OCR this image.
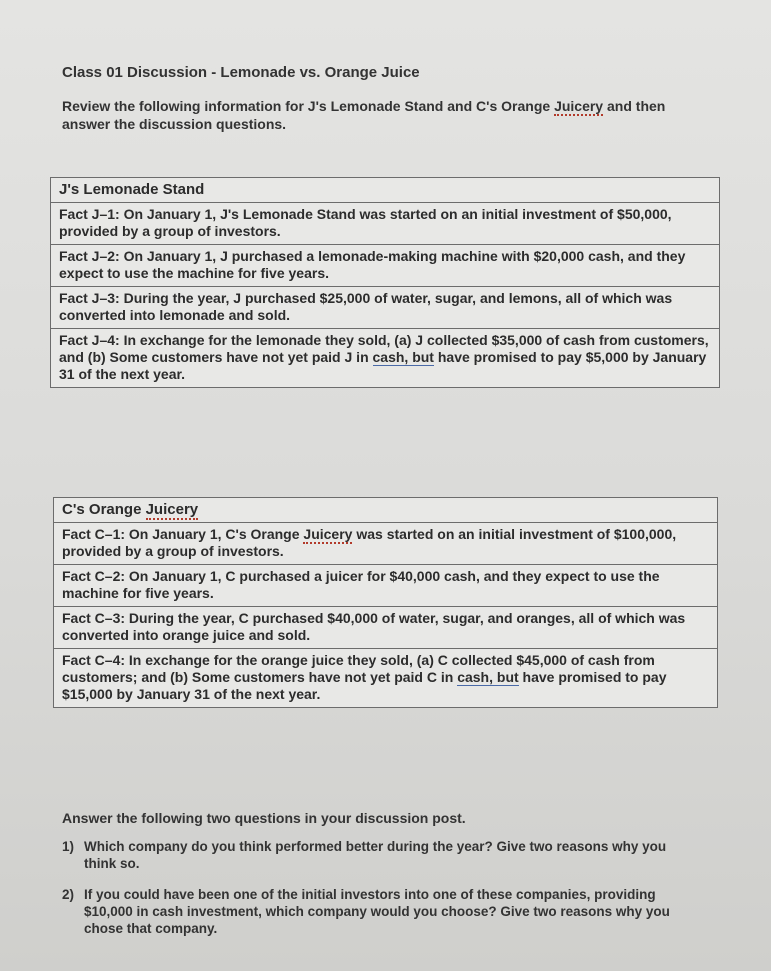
Class 01 Discussion - Lemonade vs. Orange Juice
Review the following information for J's Lemonade Stand and C's Orange Juicery and then answer the discussion questions.
J's Lemonade Stand
Fact J–1: On January 1, J's Lemonade Stand was started on an initial investment of $50,000, provided by a group of investors.
Fact J–2: On January 1, J purchased a lemonade-making machine with $20,000 cash, and they expect to use the machine for five years.
Fact J–3: During the year, J purchased $25,000 of water, sugar, and lemons, all of which was converted into lemonade and sold.
Fact J–4: In exchange for the lemonade they sold, (a) J collected $35,000 of cash from customers, and (b) Some customers have not yet paid J in cash, but have promised to pay $5,000 by January 31 of the next year.
C's Orange Juicery
Fact C–1: On January 1, C's Orange Juicery was started on an initial investment of $100,000, provided by a group of investors.
Fact C–2: On January 1, C purchased a juicer for $40,000 cash, and they expect to use the machine for five years.
Fact C–3: During the year, C purchased $40,000 of water, sugar, and oranges, all of which was converted into orange juice and sold.
Fact C–4: In exchange for the orange juice they sold, (a) C collected $45,000 of cash from customers; and (b) Some customers have not yet paid C in cash, but have promised to pay $15,000 by January 31 of the next year.
Answer the following two questions in your discussion post.
1) Which company do you think performed better during the year? Give two reasons why you think so.
2) If you could have been one of the initial investors into one of these companies, providing $10,000 in cash investment, which company would you choose? Give two reasons why you chose that company.
